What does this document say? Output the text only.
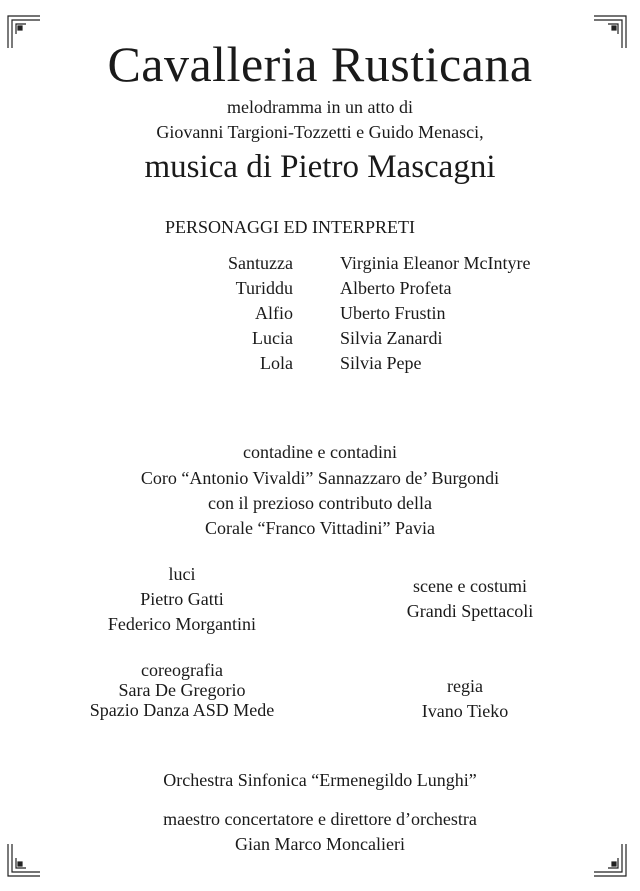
Cavalleria Rusticana
melodramma in un atto di
Giovanni Targioni-Tozzetti e Guido Menasci,
musica di Pietro Mascagni
PERSONAGGI ED INTERPRETI
Santuzza	Virginia Eleanor McIntyre
Turiddu	Alberto Profeta
Alfio	Uberto Frustin
Lucia	Silvia Zanardi
Lola	Silvia Pepe
contadine e contadini
Coro “Antonio Vivaldi” Sannazzaro de’ Burgondi
con il prezioso contributo della
Corale “Franco Vittadini” Pavia
luci
Pietro Gatti
Federico Morgantini
scene e costumi
Grandi Spettacoli
coreografia
Sara De Gregorio
Spazio Danza ASD Mede
regia
Ivano Tieko
Orchestra Sinfonica “Ermenegildo Lunghi”
maestro concertatore e direttore d’orchestra
Gian Marco Moncalieri
